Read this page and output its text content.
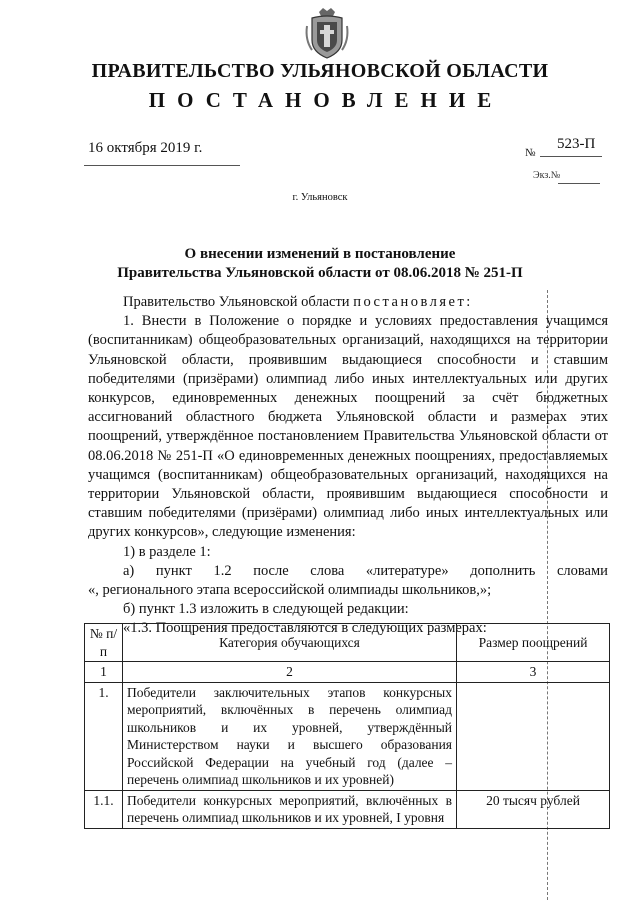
ПРАВИТЕЛЬСТВО УЛЬЯНОВСКОЙ ОБЛАСТИ
ПОСТАНОВЛЕНИЕ
16 октября 2019 г.	№
523-П
Экз.№
г. Ульяновск
О внесении изменений в постановление
Правительства Ульяновской области от 08.06.2018 № 251-П

Правительство Ульяновской области постановляет:

1. Внести в Положение о порядке и условиях предоставления учащимся (воспитанникам) общеобразовательных организаций, находящихся на территории Ульяновской области, проявившим выдающиеся способности и ставшим победителями (призёрами) олимпиад либо иных интеллектуальных или других конкурсов, единовременных денежных поощрений за счёт бюджетных ассигнований областного бюджета Ульяновской области и размерах этих поощрений, утверждённое постановлением Правительства Ульяновской области от 08.06.2018 № 251-П «О единовременных денежных поощрениях, предоставляемых учащимся (воспитанникам) общеобразовательных организаций, находящихся на территории Ульяновской области, проявившим выдающиеся способности и ставшим победителями (призёрами) олимпиад либо иных интеллектуальных или других конкурсов», следующие изменения:

1) в разделе 1:

а) пункт 1.2 после слова «литературе» дополнить словами

«, регионального этапа всероссийской олимпиады школьников,»;

б) пункт 1.3 изложить в следующей редакции:

«1.3. Поощрения предоставляются в следующих размерах:

№ п/п	Категория обучающихся	Размер поощрений
1	2	3
1.	Победители заключительных этапов конкурсных мероприятий, включённых в перечень олимпиад школьников и их уровней, утверждённый Министерством науки и высшего образования Российской Федерации на учебный год (далее – перечень олимпиад школьников и их уровней)	
1.1.	Победители конкурсных мероприятий, включённых в перечень олимпиад школьников и их уровней, I уровня	20 тысяч рублей
